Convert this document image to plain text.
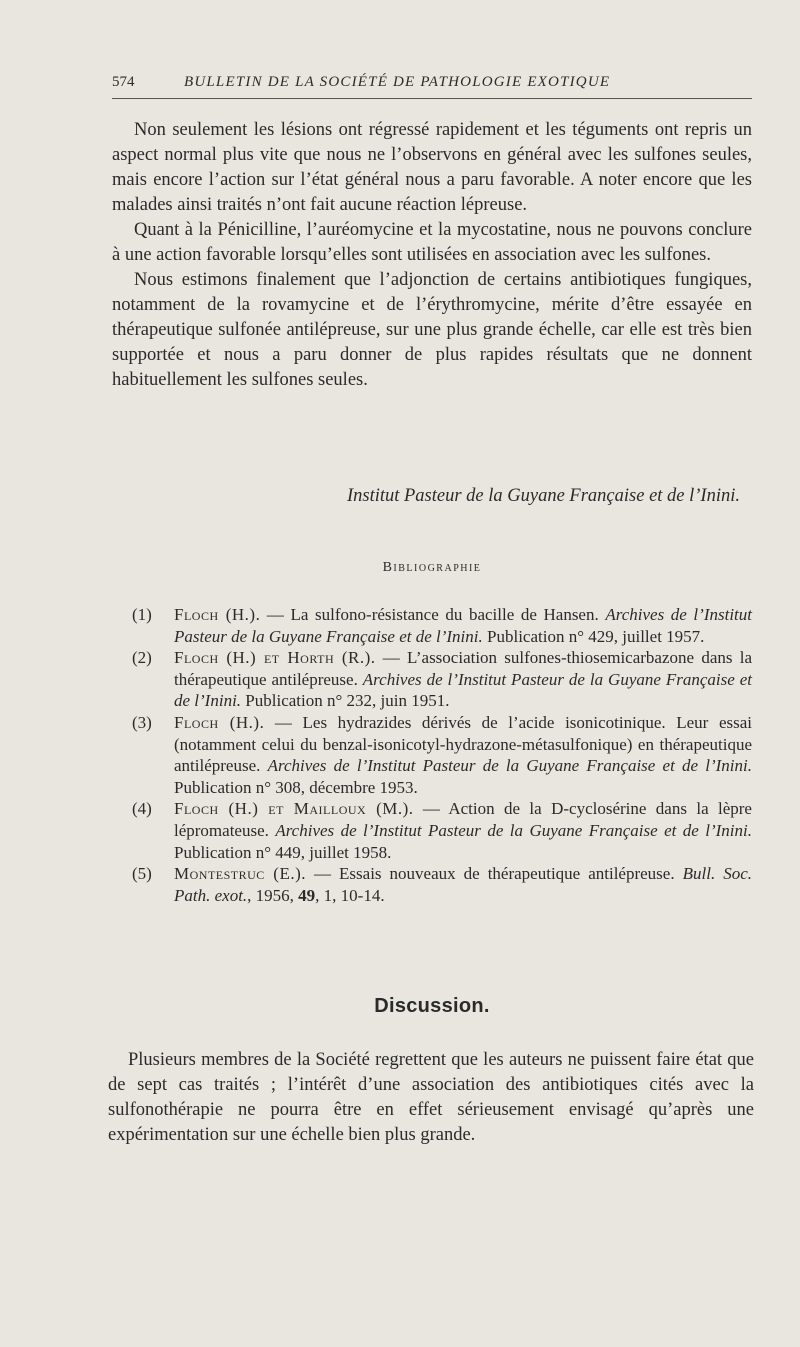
574	BULLETIN DE LA SOCIÉTÉ DE PATHOLOGIE EXOTIQUE

Non seulement les lésions ont régressé rapidement et les téguments ont repris un aspect normal plus vite que nous ne l’observons en général avec les sulfones seules, mais encore l’action sur l’état général nous a paru favorable. A noter encore que les malades ainsi traités n’ont fait aucune réaction lépreuse.

Quant à la Pénicilline, l’auréomycine et la mycostatine, nous ne pouvons conclure à une action favorable lorsqu’elles sont utilisées en association avec les sulfones.

Nous estimons finalement que l’adjonction de certains antibiotiques fungiques, notamment de la rovamycine et de l’érythromycine, mérite d’être essayée en thérapeutique sulfonée antilépreuse, sur une plus grande échelle, car elle est très bien supportée et nous a paru donner de plus rapides résultats que ne donnent habituellement les sulfones seules.

Institut Pasteur de la Guyane Française et de l’Inini.
Bibliographie
(1) Floch (H.). — La sulfono-résistance du bacille de Hansen. Archives de l’Institut Pasteur de la Guyane Française et de l’Inini. Publication n° 429, juillet 1957.
(2) Floch (H.) et Horth (R.). — L’association sulfones-thiosemicarbazone dans la thérapeutique antilépreuse. Archives de l’Institut Pasteur de la Guyane Française et de l’Inini. Publication n° 232, juin 1951.
(3) Floch (H.). — Les hydrazides dérivés de l’acide isonicotinique. Leur essai (notamment celui du benzal-isonicotyl-hydrazone-métasulfonique) en thérapeutique antilépreuse. Archives de l’Institut Pasteur de la Guyane Française et de l’Inini. Publication n° 308, décembre 1953.
(4) Floch (H.) et Mailloux (M.). — Action de la D-cyclosérine dans la lèpre lépromateuse. Archives de l’Institut Pasteur de la Guyane Française et de l’Inini. Publication n° 449, juillet 1958.
(5) Montestruc (E.). — Essais nouveaux de thérapeutique antilépreuse. Bull. Soc. Path. exot., 1956, 49, 1, 10-14.
Discussion.

Plusieurs membres de la Société regrettent que les auteurs ne puissent faire état que de sept cas traités ; l’intérêt d’une association des antibiotiques cités avec la sulfonothérapie ne pourra être en effet sérieusement envisagé qu’après une expérimentation sur une échelle bien plus grande.
